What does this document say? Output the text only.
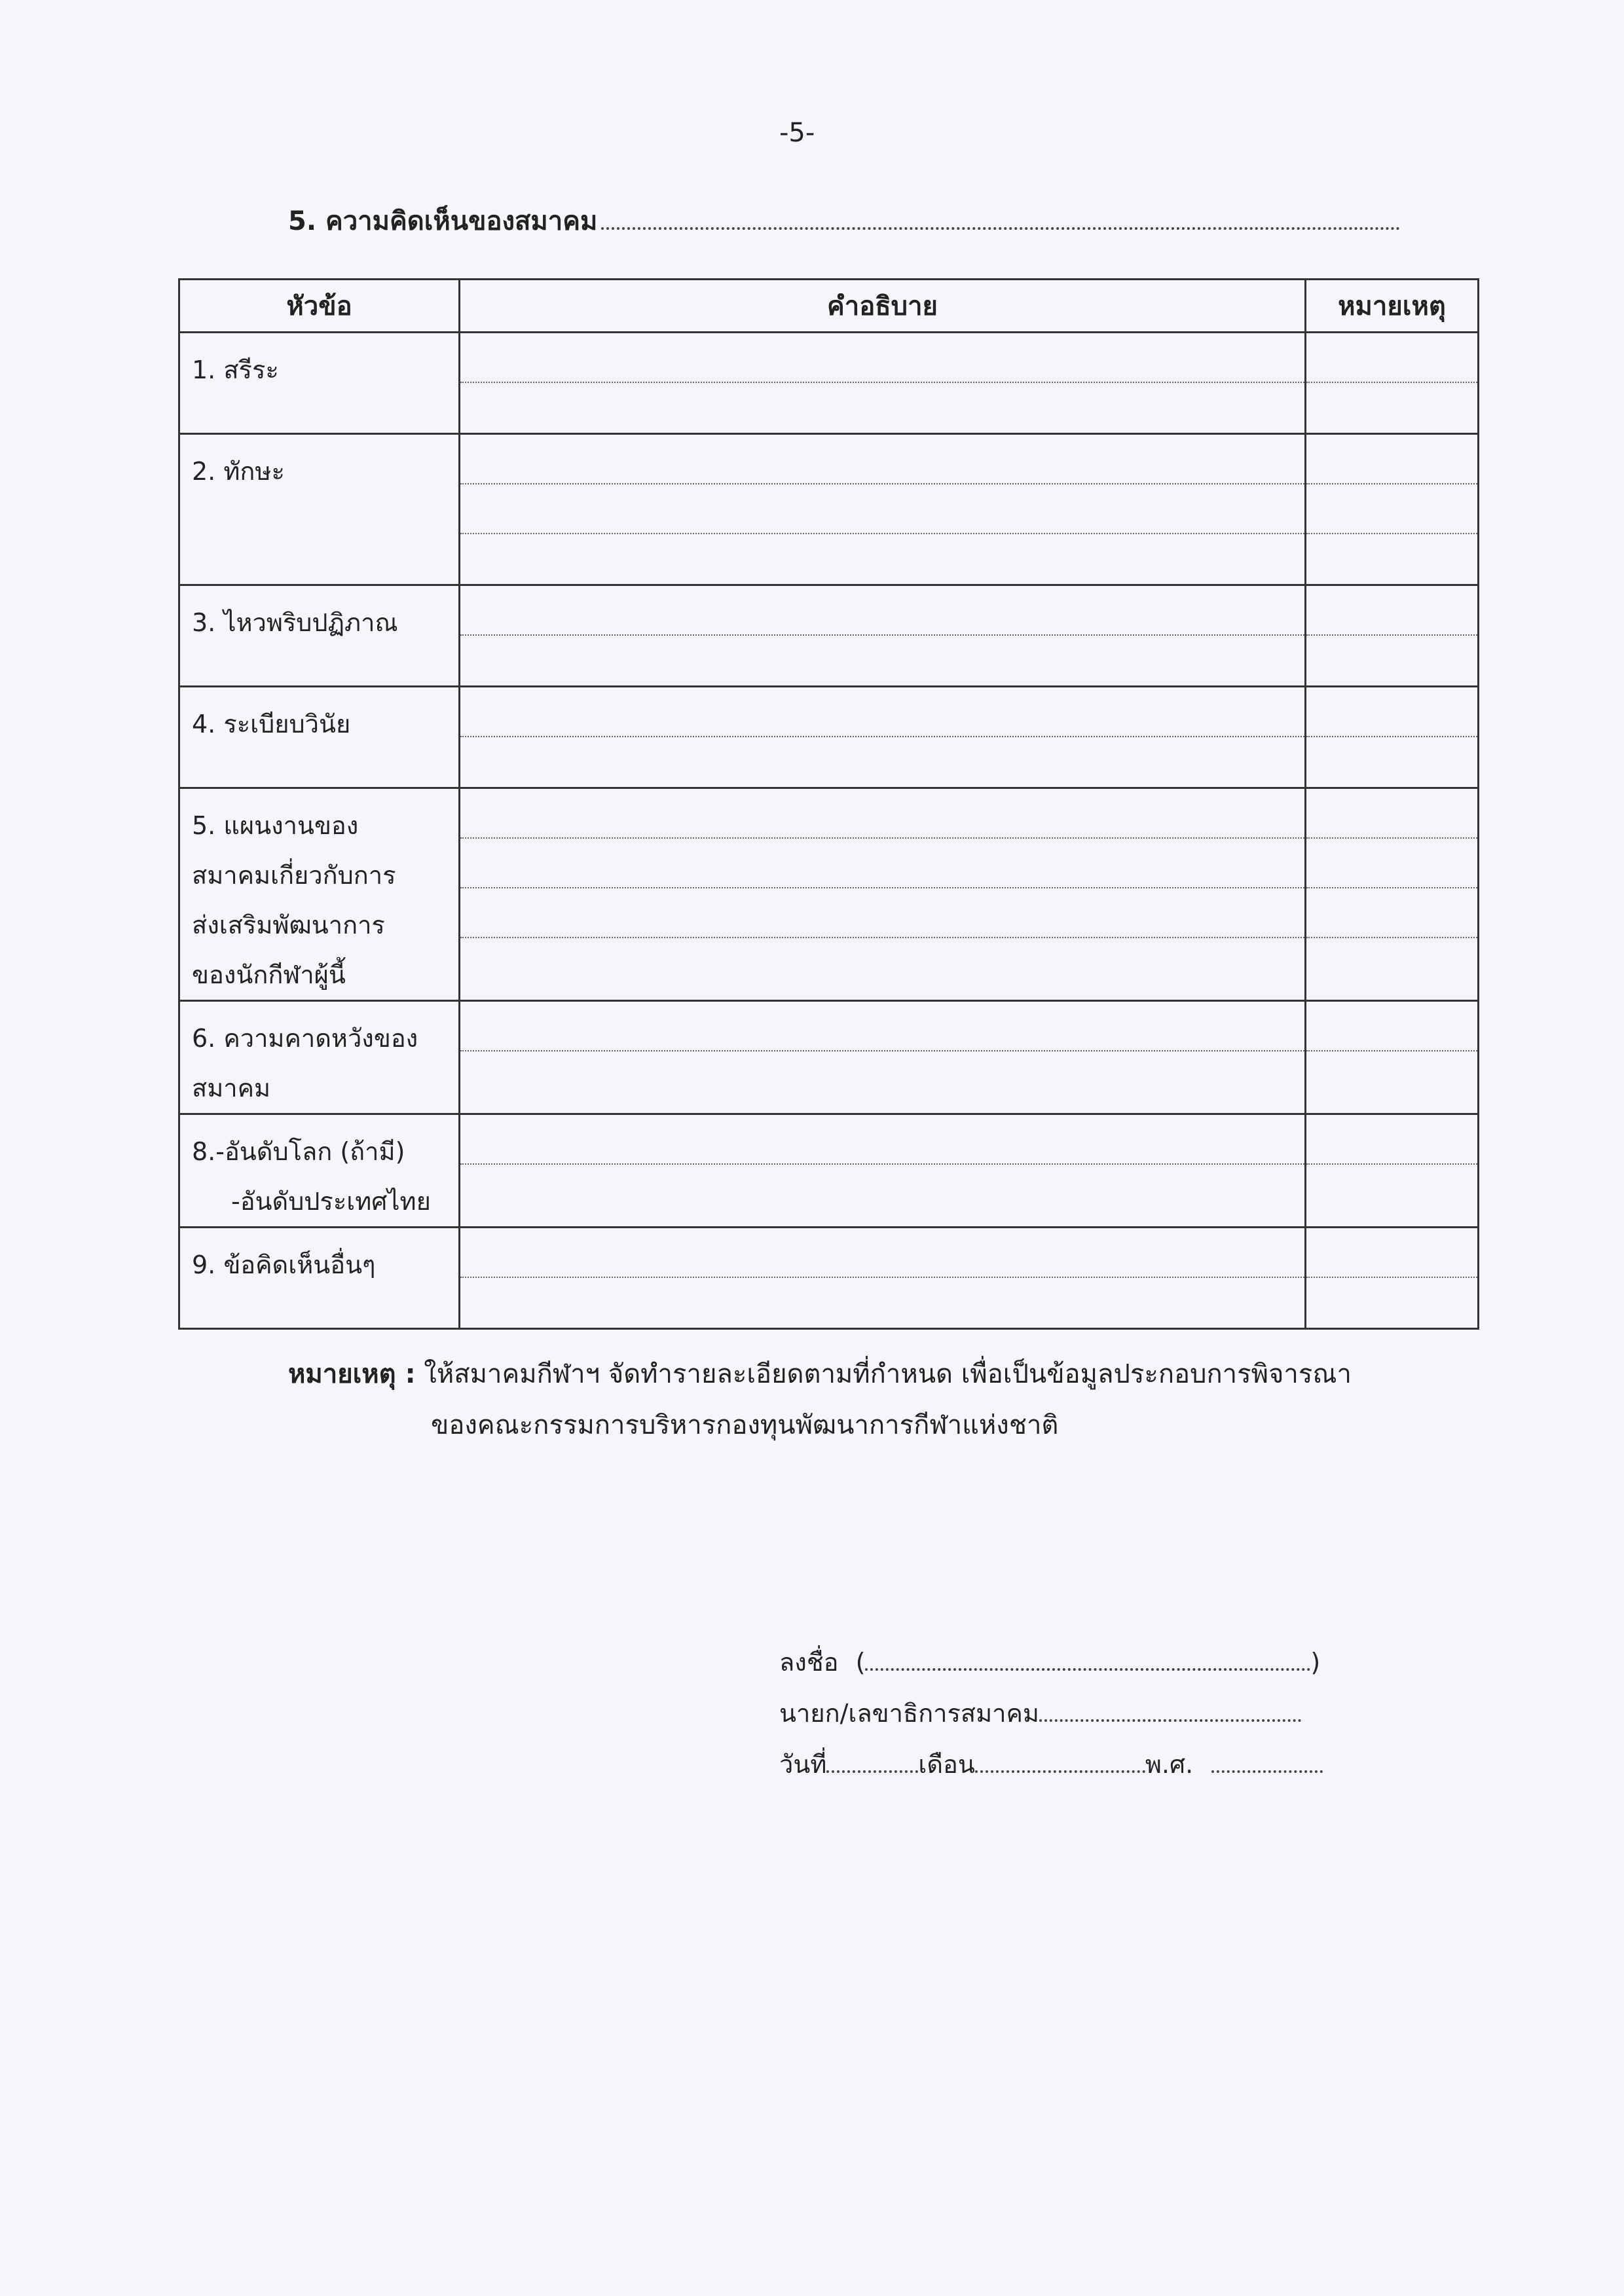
-5-
5. ความคิดเห็นของสมาคม
หัวข้อ	คำอธิบาย	หมายเหตุ

1. สรีระ		

2. ทักษะ		

3. ไหวพริบปฏิภาณ		

4. ระเบียบวินัย		

5. แผนงานของ
สมาคมเกี่ยวกับการ
ส่งเสริมพัฒนาการ
ของนักกีฬาผู้นี้		

6. ความคาดหวังของ
สมาคม		

8.-อันดับโลก (ถ้ามี)
-อันดับประเทศไทย		

9. ข้อคิดเห็นอื่นๆ		

หมายเหตุ : ให้สมาคมกีฬาฯ จัดทำรายละเอียดตามที่กำหนด เพื่อเป็นข้อมูลประกอบการพิจารณา
ของคณะกรรมการบริหารกองทุนพัฒนาการกีฬาแห่งชาติ
ลงชื่อ (	)
นายก/เลขาธิการสมาคม
วันที่	เดือน	พ.ศ.
